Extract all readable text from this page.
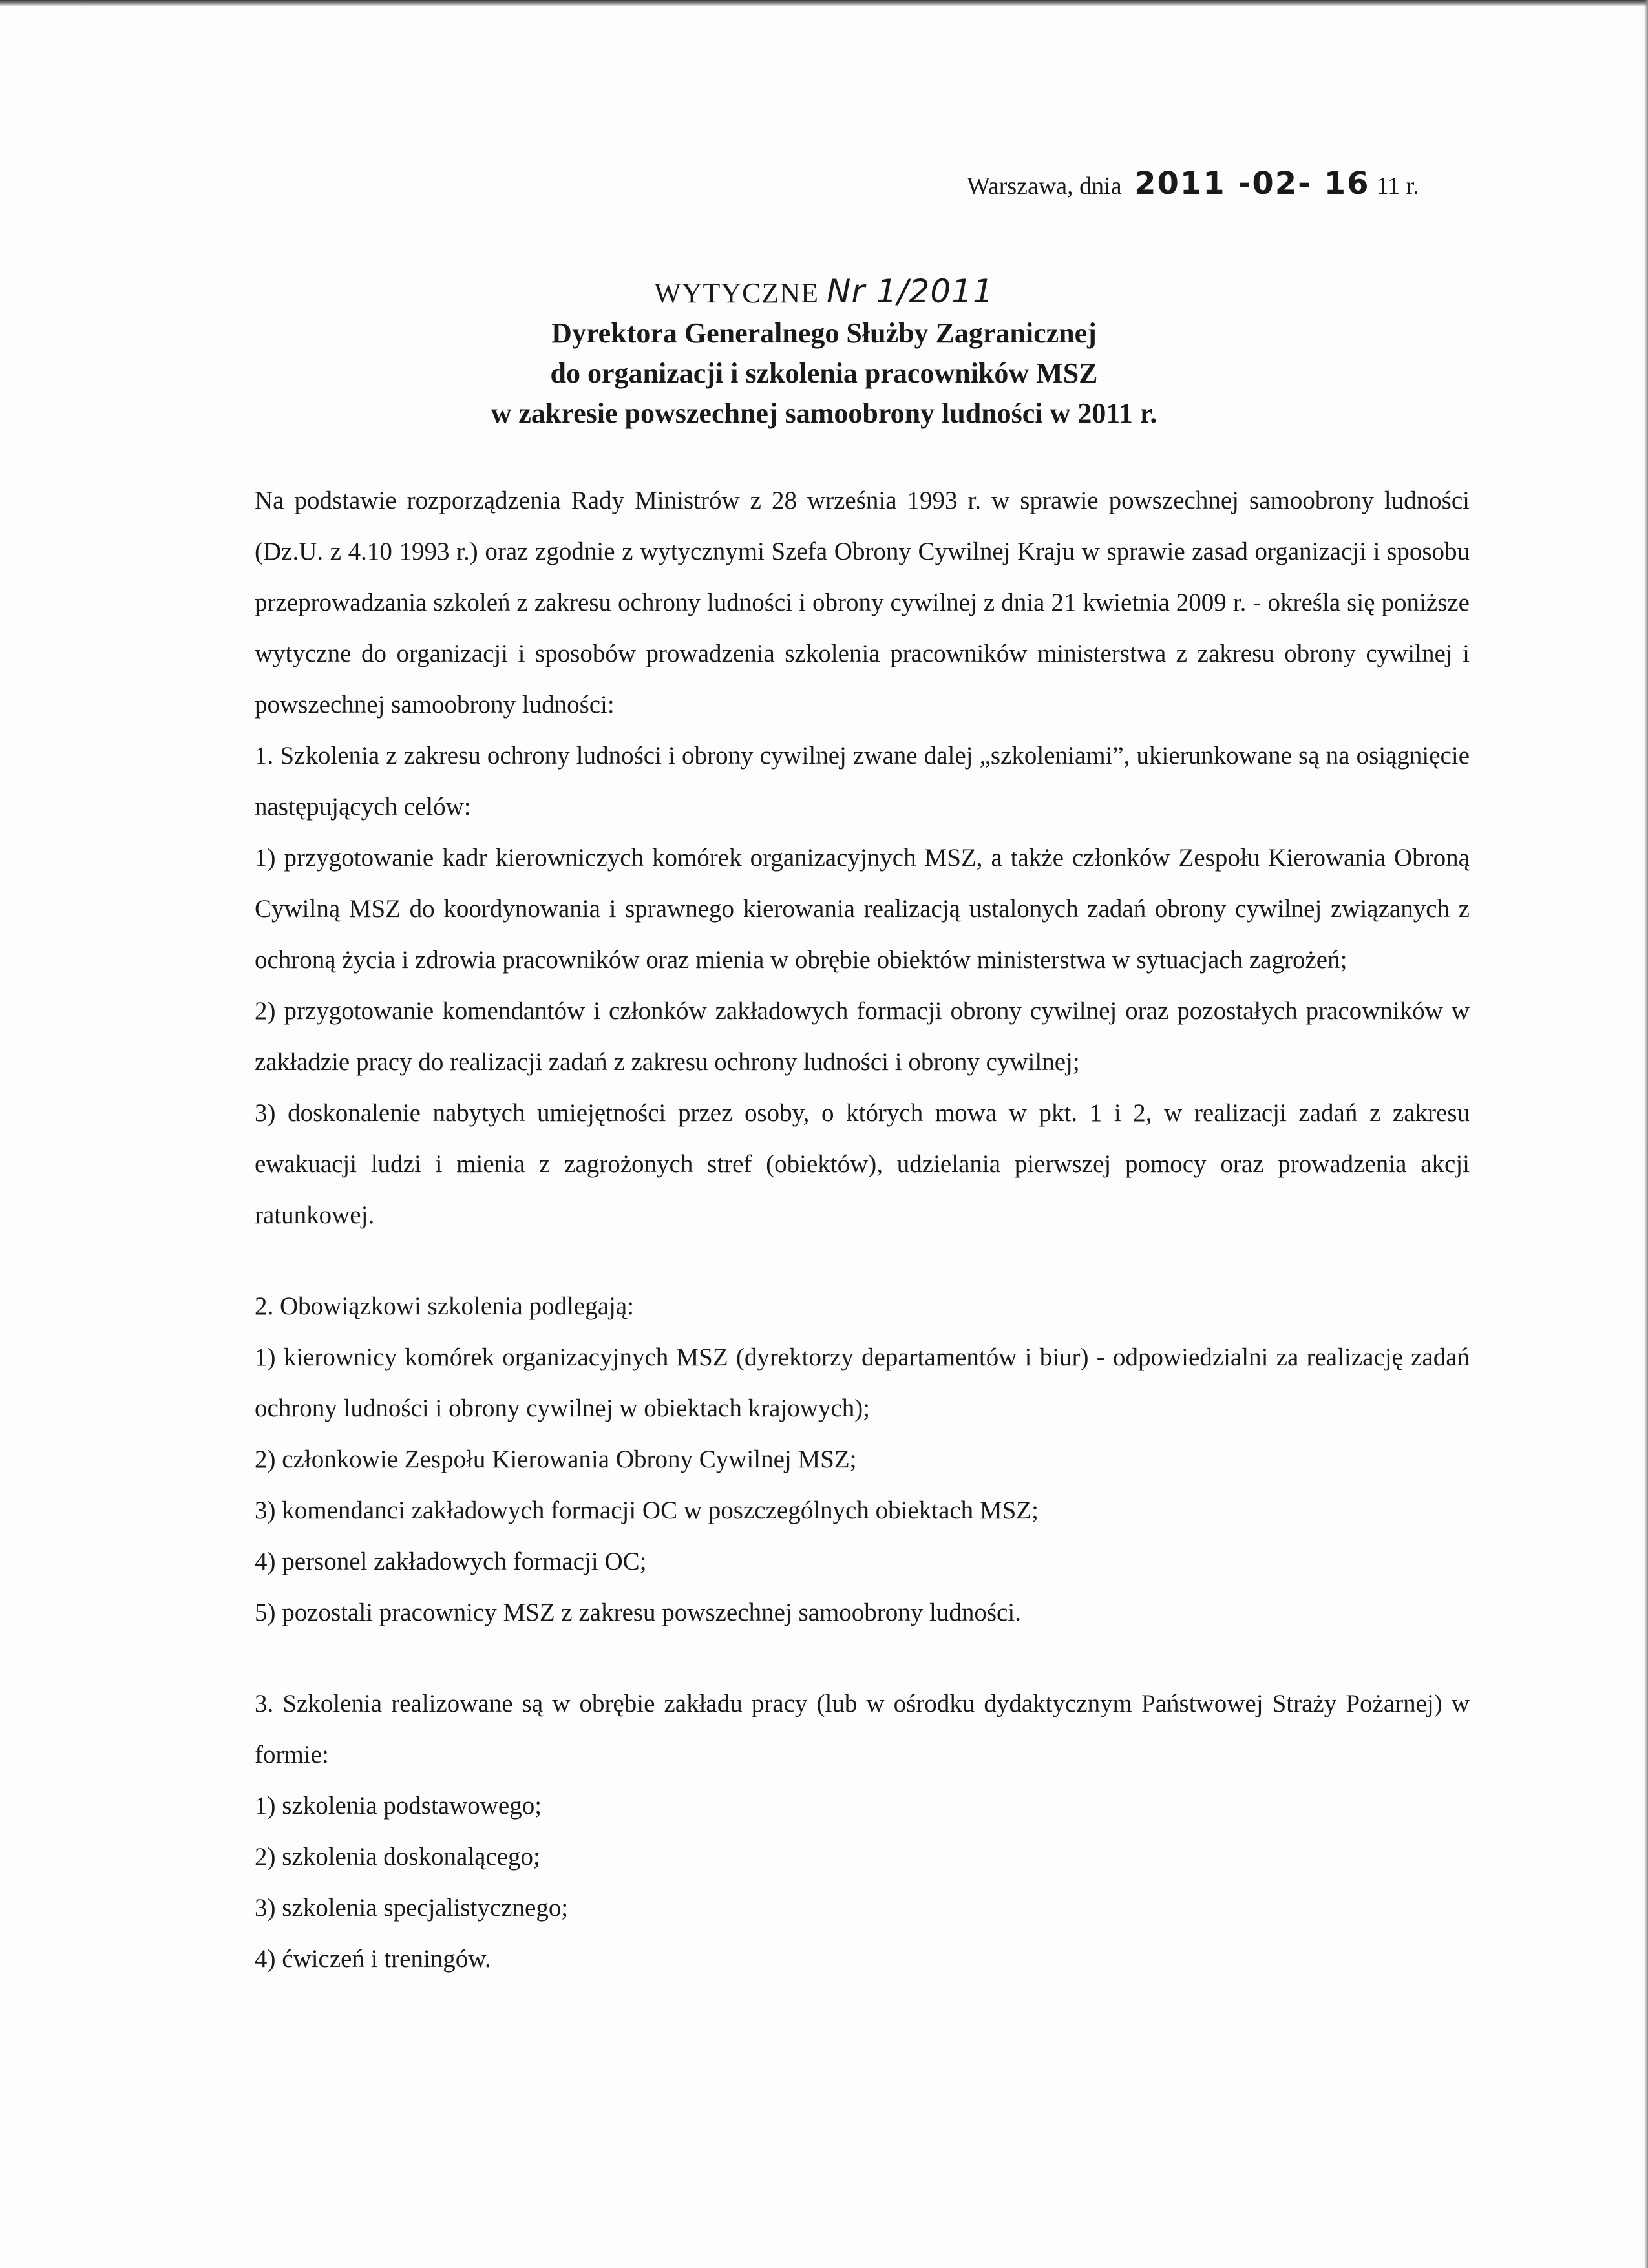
Warszawa, dnia 2011 -02- 16 11 r.
WYTYCZNE Nr 1/2011
Dyrektora Generalnego Służby Zagranicznej
do organizacji i szkolenia pracowników MSZ
w zakresie powszechnej samoobrony ludności w 2011 r.

Na podstawie rozporządzenia Rady Ministrów z 28 września 1993 r. w sprawie powszechnej samoobrony ludności (Dz.U. z 4.10 1993 r.) oraz zgodnie z wytycznymi Szefa Obrony Cywilnej Kraju w sprawie zasad organizacji i sposobu przeprowadzania szkoleń z zakresu ochrony ludności i obrony cywilnej z dnia 21 kwietnia 2009 r. - określa się poniższe wytyczne do organizacji i sposobów prowadzenia szkolenia pracowników ministerstwa z zakresu obrony cywilnej i powszechnej samoobrony ludności:

1. Szkolenia z zakresu ochrony ludności i obrony cywilnej zwane dalej „szkoleniami”, ukierunkowane są na osiągnięcie następujących celów:

1) przygotowanie kadr kierowniczych komórek organizacyjnych MSZ, a także członków Zespołu Kierowania Obroną Cywilną MSZ do koordynowania i sprawnego kierowania realizacją ustalonych zadań obrony cywilnej związanych z ochroną życia i zdrowia pracowników oraz mienia w obrębie obiektów ministerstwa w sytuacjach zagrożeń;

2) przygotowanie komendantów i członków zakładowych formacji obrony cywilnej oraz pozostałych pracowników w zakładzie pracy do realizacji zadań z zakresu ochrony ludności i obrony cywilnej;

3) doskonalenie nabytych umiejętności przez osoby, o których mowa w pkt. 1 i 2, w realizacji zadań z zakresu ewakuacji ludzi i mienia z zagrożonych stref (obiektów), udzielania pierwszej pomocy oraz prowadzenia akcji ratunkowej.

2. Obowiązkowi szkolenia podlegają:

1) kierownicy komórek organizacyjnych MSZ (dyrektorzy departamentów i biur) - odpowiedzialni za realizację zadań ochrony ludności i obrony cywilnej w obiektach krajowych);

2) członkowie Zespołu Kierowania Obrony Cywilnej MSZ;

3) komendanci zakładowych formacji OC w poszczególnych obiektach MSZ;

4) personel zakładowych formacji OC;

5) pozostali pracownicy MSZ z zakresu powszechnej samoobrony ludności.

3. Szkolenia realizowane są w obrębie zakładu pracy (lub w ośrodku dydaktycznym Państwowej Straży Pożarnej) w formie:

1) szkolenia podstawowego;

2) szkolenia doskonalącego;

3) szkolenia specjalistycznego;

4) ćwiczeń i treningów.
